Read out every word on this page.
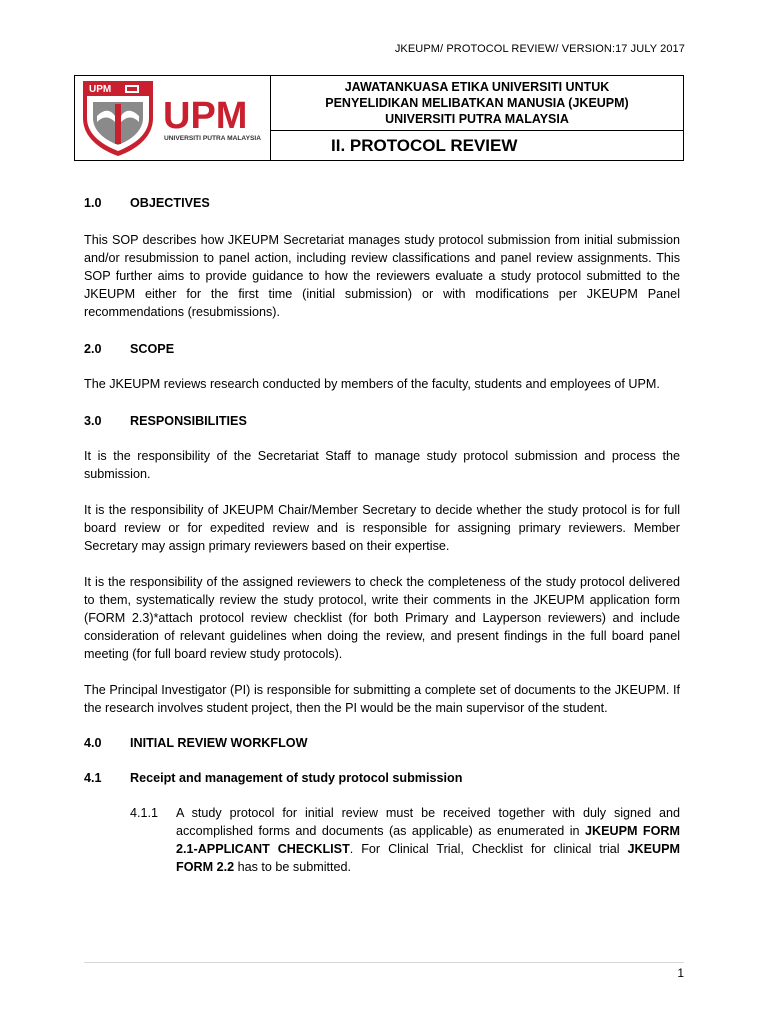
JKEUPM/ PROTOCOL REVIEW/ VERSION:17 JULY 2017
UPM
UPM
UNIVERSITI PUTRA MALAYSIA
JAWATANKUASA ETIKA UNIVERSITI UNTUK
PENYELIDIKAN MELIBATKAN MANUSIA (JKEUPM)
UNIVERSITI PUTRA MALAYSIA
II. PROTOCOL REVIEW
1.0	OBJECTIVES

This SOP describes how JKEUPM Secretariat manages study protocol submission from initial submission and/or resubmission to panel action, including review classifications and panel review assignments. This SOP further aims to provide guidance to how the reviewers evaluate a study protocol submitted to the JKEUPM either for the first time (initial submission) or with modifications per JKEUPM Panel recommendations (resubmissions).

2.0	SCOPE

The JKEUPM reviews research conducted by members of the faculty, students and employees of UPM.

3.0	RESPONSIBILITIES

It is the responsibility of the Secretariat Staff to manage study protocol submission and process the submission.

It is the responsibility of JKEUPM Chair/Member Secretary to decide whether the study protocol is for full board review or for expedited review and is responsible for assigning primary reviewers. Member Secretary may assign primary reviewers based on their expertise.

It is the responsibility of the assigned reviewers to check the completeness of the study protocol delivered to them, systematically review the study protocol, write their comments in the JKEUPM application form (FORM 2.3)*attach protocol review checklist (for both Primary and Layperson reviewers) and include consideration of relevant guidelines when doing the review, and present findings in the full board panel meeting (for full board review study protocols).

The Principal Investigator (PI) is responsible for submitting a complete set of documents to the JKEUPM. If the research involves student project, then the PI would be the main supervisor of the student.

4.0	INITIAL REVIEW WORKFLOW
4.1	Receipt and management of study protocol submission
4.1.1	A study protocol for initial review must be received together with duly signed and accomplished forms and documents (as applicable) as enumerated in JKEUPM FORM 2.1-APPLICANT CHECKLIST. For Clinical Trial, Checklist for clinical trial JKEUPM FORM 2.2 has to be submitted.
1
